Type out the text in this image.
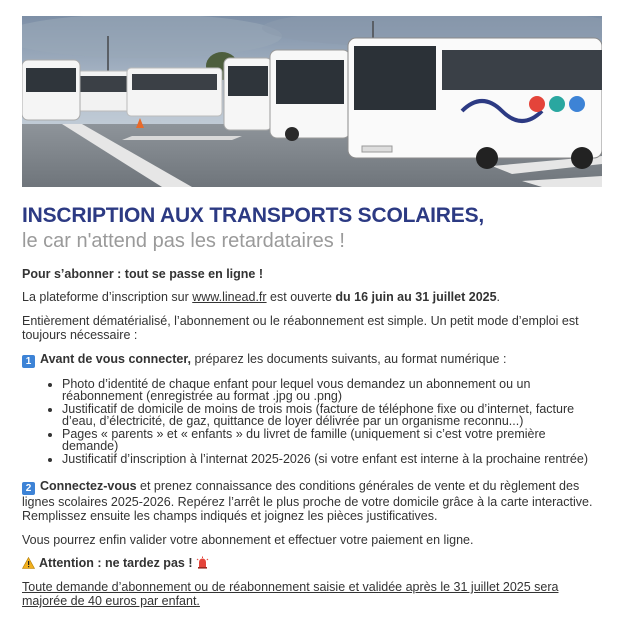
INSCRIPTION AUX TRANSPORTS SCOLAIRES,
le car n'attend pas les retardataires !

Pour s’abonner : tout se passe en ligne !

La plateforme d’inscription sur www.linead.fr est ouverte du 16 juin au 31 juillet 2025.

Entièrement dématérialisé, l’abonnement ou le réabonnement est simple. Un petit mode d’emploi est toujours nécessaire :

1 Avant de vous connecter, préparez les documents suivants, au format numérique :

• Photo d’identité de chaque enfant pour lequel vous demandez un abonnement ou un réabonnement (enregistrée au format .jpg ou .png)
• Justificatif de domicile de moins de trois mois (facture de téléphone fixe ou d’internet, facture d’eau, d’électricité, de gaz, quittance de loyer délivrée par un organisme reconnu...)
• Pages « parents » et « enfants » du livret de famille (uniquement si c’est votre première demande)
• Justificatif d’inscription à l’internat 2025-2026 (si votre enfant est interne à la prochaine rentrée)

2 Connectez-vous et prenez connaissance des conditions générales de vente et du règlement des lignes scolaires 2025-2026. Repérez l’arrêt le plus proche de votre domicile grâce à la carte interactive. Remplissez ensuite les champs indiqués et joignez les pièces justificatives.

Vous pourrez enfin valider votre abonnement et effectuer votre paiement en ligne.

Attention : ne tardez pas !

Toute demande d’abonnement ou de réabonnement saisie et validée après le 31 juillet 2025 sera majorée de 40 euros par enfant.
